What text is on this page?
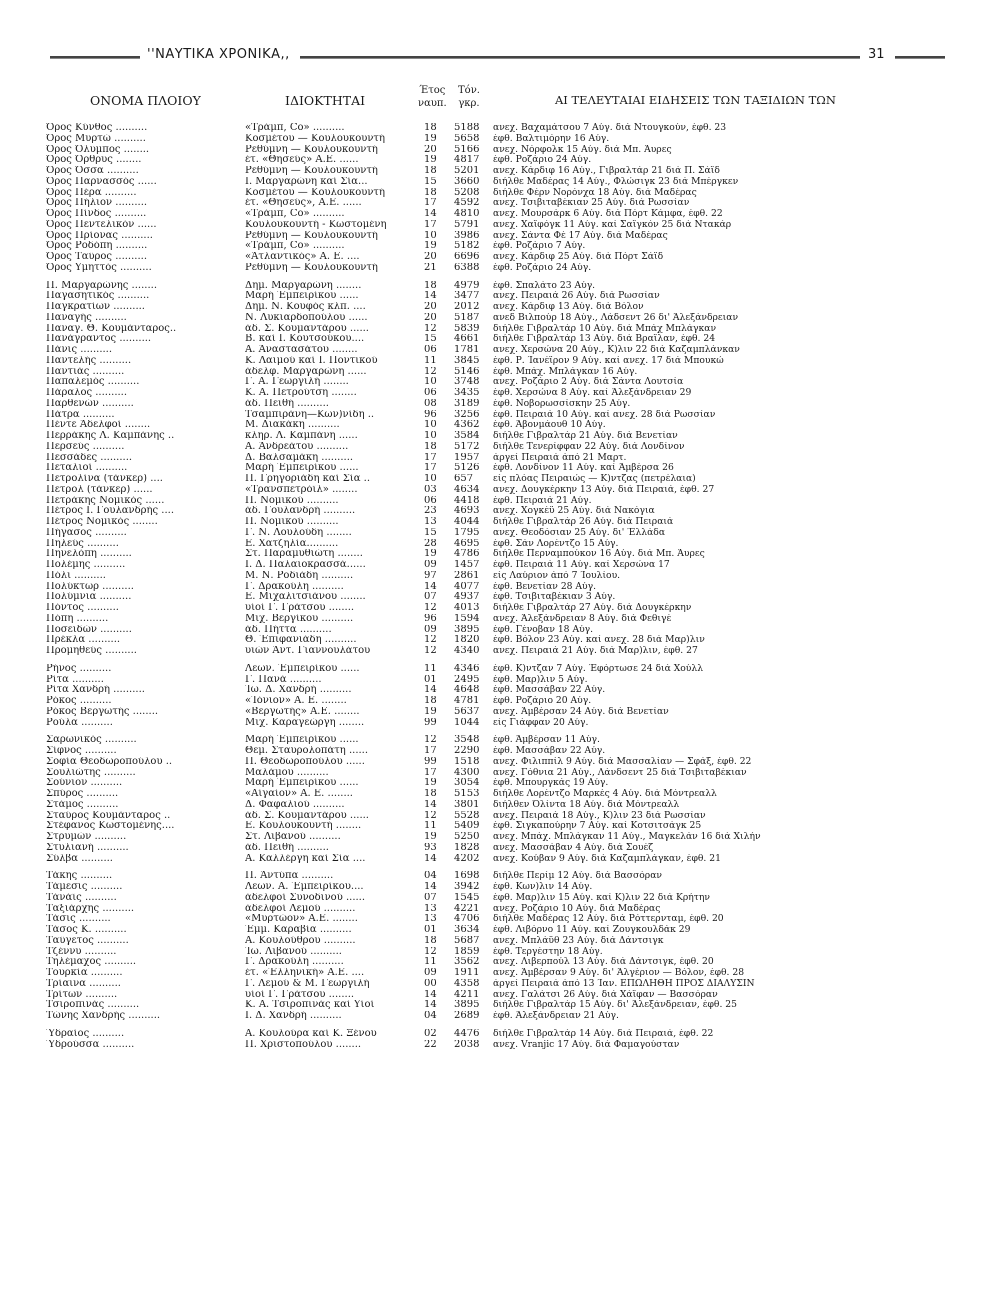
''ΝΑΥΤΙΚΑ ΧΡΟΝΙΚΑ,,	31
ΟΝΟΜΑ ΠΛΟΙΟΥ	ΙΔΙΟΚΤΗΤΑΙ
Έτος
ναυπ.
Τόν.
γκρ.	ΑΙ ΤΕΛΕΥΤΑΙΑΙ ΕΙΔΗΣΕΙΣ ΤΩΝ ΤΑΞΙΔΙΩΝ ΤΩΝ
Όρος Κύνθος ..........	«Τράμπ, Co» ..........	18	5188	ανεχ. Βαχαμάτσου 7 Αύγ. διά Ντουγκούν, έφθ. 23
Όρος Μυρτώ ..........	Κοσμέτου — Κουλουκουντή	19	5658	έφθ. Βαλτιμόρην 16 Αύγ.
Όρος Όλυμπος ........	Ρεθύμνη — Κουλουκουντή	20	5166	ανεχ. Νόρφολκ 15 Αύγ. διά Μπ. Άυρες
Όρος Όρθρυς ........	έτ. «Θησεύς» Α.Ε. ......	19	4817	έφθ. Ροζάριο 24 Αύγ.
Όρος Όσσα ..........	Ρεθύμνη — Κουλουκουντή	18	5201	ανεχ. Κάρδιφ 16 Αύγ., Γιβραλτάρ 21 διά Π. Σάϊδ
Όρος Παρνασσός ......	Ι. Μαργαρώνη καί Σία...	15	3660	διήλθε Μαδέρας 14 Αύγ., Φλώσιγκ 23 διά Μπέργκεν
Όρος Πέρα ..........	Κοσμέτου — Κουλουκουντή	18	5208	διήλθε Φέρν Νορόνχα 18 Αύγ. διά Μαδέρας
Όρος Πήλιον ..........	έτ. «Θησεύς», Α.Ε. ......	17	4592	ανεχ. Τσιβιταβέκιαν 25 Αύγ. διά Ρωσσίαν
Όρος Πίνδος ..........	«Τράμπ, Co» ..........	14	4810	ανεχ. Μουρσάρκ 6 Αύγ. διά Πόρτ Κάμφα, έφθ. 22
Όρος Πεντελικόν ......	Κουλουκουντή - Κωστομένη	17	5791	ανεχ. Χαϊφόγκ 11 Αύγ. καί Σαϊγκόν 25 διά Ντακάρ
Όρος Πρίονας ..........	Ρεθύμνη — Κουλουκουντή	10	3986	ανεχ. Σάντα Φέ 17 Αύγ. διά Μαδέρας
Όρος Ροδόπη ..........	«Τράμπ, Co» ..........	19	5182	έφθ. Ροζάριο 7 Αύγ.
Όρος Ταΰρος ..........	«Άτλαντικός» Α. Ε. ....	20	6696	ανεχ. Κάρδιφ 25 Αύγ. διά Πόρτ Σάϊδ
Όρος Υμηττός ..........	Ρεθύμνη — Κουλουκουντή	21	6388	έφθ. Ροζάριο 24 Αύγ.
Π. Μαργαρώνης ........	Δημ. Μαργαρώνη ........	18	4979	έφθ. Σπαλάτο 23 Αύγ.
Παγασητικός ..........	Μαρή Έμπειρίκου ......	14	3477	ανεχ. Πειραιά 26 Αύγ. διά Ρωσσίαν
Παγκρατίων ..........	Δημ. Ν. Κουφός κλπ. ....	20	2012	ανεχ. Κάρδιφ 13 Αύγ. διά Βόλον
Παναγής ..........	Ν. Λυκιαρδοπούλου ......	20	5187	ανεδ Βιλπούρ 18 Αύγ., Λάδσεντ 26 δι' Άλεξάνδρειαν
Παναγ. Θ. Κουμάνταρος..	άδ. Σ. Κουμαντάρου ......	12	5839	διήλθε Γιβραλτάρ 10 Αύγ. διά Μπάχ Μπλάγκαν
Πανάγραντος ..........	Β. καί Ι. Κουτσούκου....	15	4661	διήλθε Γιβραλτάρ 13 Αύγ. διά Βραΐλαν, έφθ. 24
Πάνις ..........	Α. Άναστασάτου ........	06	1781	ανεχ. Χερσώνα 20 Αύγ., Κ)λιν 22 διά Καζαμπλάνκαν
Παντελής ..........	Κ. Λαιμού καί Ι. Ποντικού	11	3845	έφθ. Ρ. Ίανέϊρον 9 Αύγ. καί ανεχ. 17 διά Μπουκώ
Παντιάς ..........	άδελφ. Μαργαρώνη ......	12	5146	έφθ. Μπάχ. Μπλάγκαν 16 Αύγ.
Παπαλεμός ..........	Γ. Α. Γεωργιλή ........	10	3748	ανεχ. Ροζάριο 2 Αύγ. διά Σάντα Λουτσία
Πάραλος ..........	Κ. Α. Πετρούτση ........	06	3435	έφθ. Χερσώνα 8 Αύγ. καί Άλεξάνδρειαν 29
Παρθενών ..........	άδ. Πειθή ..........	08	3189	έφθ. Νοβορωσσίσκην 25 Αύγ.
Πάτρα ..........	Τσαμπιράνη—Κων)νίδη ..	96	3256	έφθ. Πειραιά 10 Αύγ. καί ανεχ. 28 διά Ρωσσίαν
Πέντε Άδελφοί ........	Μ. Διακάκη ..........	10	4362	έφθ. Άβονμάουθ 10 Αύγ.
Περράκης Λ. Καμπάνης ..	κληρ. Λ. Καμπάνη ......	10	3584	διήλθε Γιβραλτάρ 21 Αύγ. διά Βενετίαν
Περσεύς ..........	Α. Άνδρεάτου ..........	18	5172	διήλθε Τενερίφφαν 22 Αύγ. διά Λονδίνον
Πεσσάδες ..........	Δ. Βαλσαμάκη ..........	17	1957	άργεί Πειραιά άπό 21 Μαρτ.
Πεταλιοί ..........	Μαρή Έμπειρίκου ......	17	5126	έφθ. Λονδίνον 11 Αύγ. καί Άμβέρσα 26
Πετρολίνα (τάνκερ) ....	Π. Γρηγοριάδη καί Σία ..	10	657	είς πλόας Πειραιώς — Κ)ντζας (πετρέλαια)
Πετρολ (τάνκερ) ......	«Τρανσπετρόϊλ» ........	03	4634	ανεχ. Δουγκέρκην 13 Αύγ. διά Πειραιά, έφθ. 27
Πετράκης Νομικός ......	Π. Νομικού ..........	06	4418	έφθ. Πειραιά 21 Αύγ.
Πέτρος Ι. Γουλανδρής ....	άδ. Γουλανδρή ..........	23	4693	ανεχ. Χογκέϋ 25 Αύγ. διά Νακόγια
Πέτρος Νομικός ........	Π. Νομικού ..........	13	4044	διήλθε Γιβραλτάρ 26 Αύγ. διά Πειραιά
Πήγασος ..........	Γ. Ν. Λουλούδη ........	15	1795	ανεχ. Θεοδόσιαν 25 Αύγ. δι' Έλλάδα
Πηλεύς ..........	Ε. Χατζηλία..........	28	4695	έφθ. Σάν Λορέντζο 15 Αύγ.
Πηνελόπη ..........	Στ. Παραμυθιώτη ........	19	4786	διήλθε Περναμπούκον 16 Αύγ. διά Μπ. Άυρες
Πολέμης ..........	Ι. Δ. Παλαιοκρασσά......	09	1457	έφθ. Πειραιά 11 Αύγ. καί Χερσώνα 17
Πόλι ..........	Μ. Ν. Ροδιάδη ..........	97	2861	είς Λαύριον άπό 7 Ίουλίου.
Πολύκτωρ ..........	Γ. Δρακούλη ..........	14	4077	έφθ. Βενετίαν 28 Αύγ.
Πολύμνια ..........	Ε. Μιχαλιτσιάνου ........	07	4937	έφθ. Τσιβιταβέκιαν 3 Αύγ.
Πόντος ..........	υίοί Γ. Γράτσου ........	12	4013	διήλθε Γιβραλτάρ 27 Αύγ. διά Δουγκέρκην
Πόπη ..........	Μιχ. Βεργίκου ..........	96	1594	ανεχ. Άλεξάνδρειαν 8 Αύγ. διά Φεθιγέ
Ποσειδών ..........	άδ. Πήττα ..........	09	3895	έφθ. Γένοβαν 18 Αύγ.
Πρέκλα ..........	Θ. Έπιφανιάδη ..........	12	1820	έφθ. Βόλον 23 Αύγ. καί ανεχ. 28 διά Μαρ)λιν
Προμηθεύς ..........	υιών Άντ. Γιαννουλάτου	12	4340	ανεχ. Πειραιά 21 Αύγ. διά Μαρ)λιν, έφθ. 27
Ρήνος ..........	Λεων. Έμπειρίκου ......	11	4346	έφθ. Κ)ντζαν 7 Αύγ. Έφόρτωσε 24 διά Χούλλ
Ρίτα ..........	Γ. Πανά ..........	01	2495	έφθ. Μαρ)λιν 5 Αύγ.
Ρίτα Χανδρή ..........	Ίω. Δ. Χανδρή ..........	14	4648	έφθ. Μασσάβαν 22 Αύγ.
Ρόκος ..........	«Ίόνιον» Α. Ε. ........	18	4781	έφθ. Ροζάριο 20 Αύγ.
Ρόκος Βεργωτής ........	«Βεργωτής» Α.Ε. ........	19	5637	ανεχ. Άμβέρσαν 24 Αύγ. διά Βενετίαν
Ρούλα ..........	Μιχ. Καραγεώργη ........	99	1044	είς Γιάφφαν 20 Αύγ.
Σαρωνικός ..........	Μαρή Έμπειρίκου ......	12	3548	έφθ. Άμβέρσαν 11 Αύγ.
Σίφνος ..........	Θεμ. Σταυρολοπάτη ......	17	2290	έφθ. Μασσάβαν 22 Αύγ.
Σοφία Θεοδωροπούλου ..	Π. Θεοδωροπούλου ......	99	1518	ανεχ. Φιλιππίλ 9 Αύγ. διά Μασσαλίαν — Σφάξ, έφθ. 22
Σουλιώτης ..........	Μαλάμου ..........	17	4300	ανεχ. Γόθνια 21 Αύγ., Λάνδσεντ 25 διά Τσιβιταβέκιαν
Σούνιον ..........	Μαρή Έμπειρίκου ......	19	3054	έφθ. Μπουργκάς 19 Αύγ.
Σπύρος ..........	«Αίγαίον» Α. Ε. ........	18	5153	διήλθε Λορέντζο Μαρκές 4 Αύγ. διά Μόντρεαλλ
Στάμος ..........	Δ. Φαφαλιού ..........	14	3801	διήλθεν Όλίντα 18 Αύγ. διά Μόντρεαλλ
Σταύρος Κουμάνταρος ..	άδ. Σ. Κουμαντάρου ......	12	5528	ανεχ. Πειραιά 18 Αύγ., Κ)λιν 23 διά Ρωσσίαν
Στέφανος Κωστομένης....	Ε. Κουλουκουντή ........	11	5409	έφθ. Σιγκαπούρην 7 Αύγ. καί Κοτσιτσάγκ 25
Στρυμών ..........	Στ. Λιβανού ..........	19	5250	ανεχ. Μπάχ. Μπλάγκαν 11 Αύγ., Μαγκελάν 16 διά Χιλήν
Στυλιανή ..........	άδ. Πειθή ..........	93	1828	ανεχ. Μασσάβαν 4 Αύγ. διά Σουέζ
Σύλβα ..........	Α. Καλλέργη καί Σία ....	14	4202	ανεχ. Κούβαν 9 Αύγ. διά Καζαμπλάγκαν, έφθ. 21
Τάκης ..........	Π. Άντύπα ..........	04	1698	διήλθε Περίμ 12 Αύγ. διά Βασσόραν
Τάμεσις ..........	Λεων. Α. Έμπειρίκου....	14	3942	έφθ. Κων)λιν 14 Αύγ.
Τάνάϊς ..........	άδελφοί Συνοδινού ......	07	1545	έφθ. Μαρ)λιν 15 Αύγ. καί Κ)λιν 22 διά Κρήτην
Ταξιάρχης ..........	άδελφοί Λεμού ..........	13	4221	ανεχ. Ροζάριο 10 Αύγ. διά Μαδέρας
Τάσις ..........	«Μυρτώον» Α.Ε. ........	13	4706	διήλθε Μαδέρας 12 Αύγ. διά Ρόττερνταμ, έφθ. 20
Τάσος Κ. ..........	Έμμ. Καραβία ..........	01	3634	έφθ. Λιβόρνο 11 Αύγ. καί Ζουγκουλδάκ 29
Ταΰγετος ..........	Α. Κουλούθρου ..........	18	5687	ανεχ. Μπλάϋθ 23 Αύγ. διά Δάντσιγκ
Τζέννυ ..........	Ίω. Λιβανού ..........	12	1859	έφθ. Τεργέστην 18 Αύγ.
Τηλέμαχος ..........	Γ. Δρακούλη ..........	11	3562	ανεχ. Λιβερπούλ 13 Αύγ. διά Δάντσιγκ, έφθ. 20
Τουρκία ..........	έτ. «Έλληνική» Α.Ε. ....	09	1911	ανεχ. Άμβέρσαν 9 Αύγ. δι' Άλγέριον — Βόλον, έφθ. 28
Τρίαινα ..........	Γ. Λεμού & Μ. Γεωργιλή	00	4358	άργεί Πειραιά άπό 13 Ίαν. ΕΠΩΛΗΘΗ ΠΡΟΣ ΔΙΑΛΥΣΙΝ
Τρίτων ..........	υίοί Γ. Γράτσου ........	14	4211	ανεχ. Γαλάτσι 26 Αύγ. διά Χάϊφαν — Βασσόραν
Τσιροπινάς ..........	Κ. Α. Τσιροπινάς καί Υίοί	14	3895	διήλθε Γιβραλτάρ 15 Αύγ. δι' Άλεξάνδρειαν, έφθ. 25
Τώνης Χανδρής ..........	Ι. Δ. Χανδρή ..........	04	2689	έφθ. Άλεξάνδρειαν 21 Αύγ.
Ύδραίος ..........	Α. Κουλούρα καί Κ. Ξένου	02	4476	διήλθε Γιβραλτάρ 14 Αύγ. διά Πειραιά, έφθ. 22
Ύδρούσσα ..........	Π. Χριστοπούλου ........	22	2038	ανεχ. Vranjic 17 Αύγ. διά Φαμαγούσταν
